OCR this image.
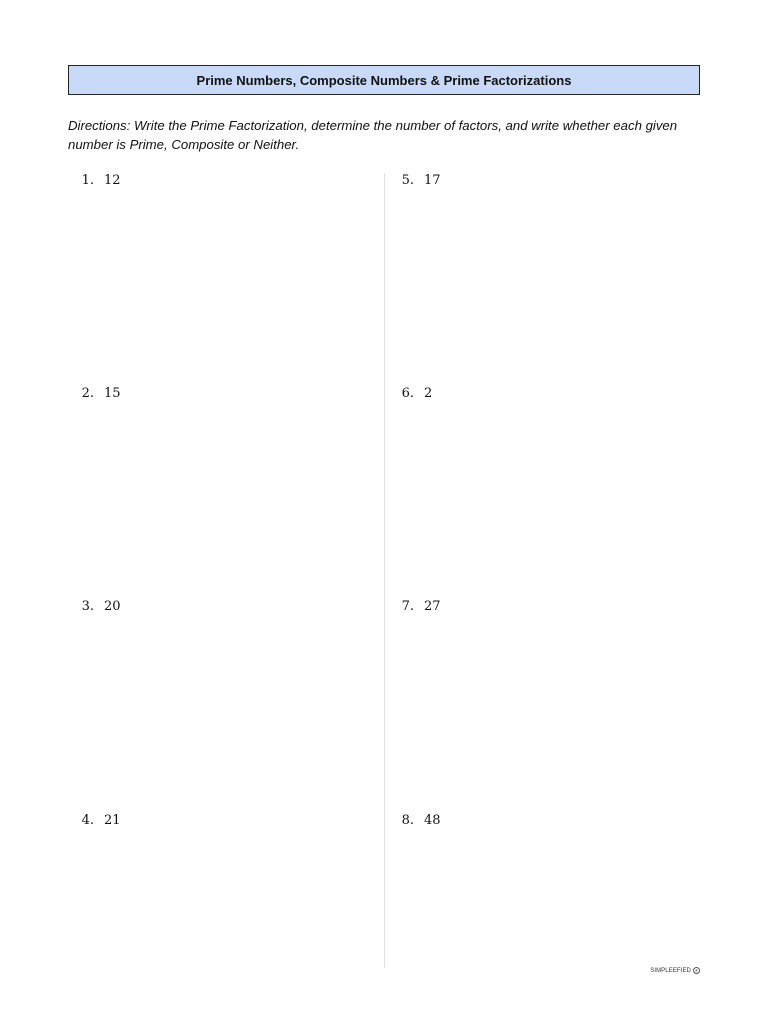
Prime Numbers, Composite Numbers & Prime Factorizations
Directions: Write the Prime Factorization, determine the number of factors, and write whether each given number is Prime, Composite or Neither.
1. 12
2. 15
3. 20
4. 21
5. 17
6. 2
7. 27
8. 48
SIMPLEEFIED ®
